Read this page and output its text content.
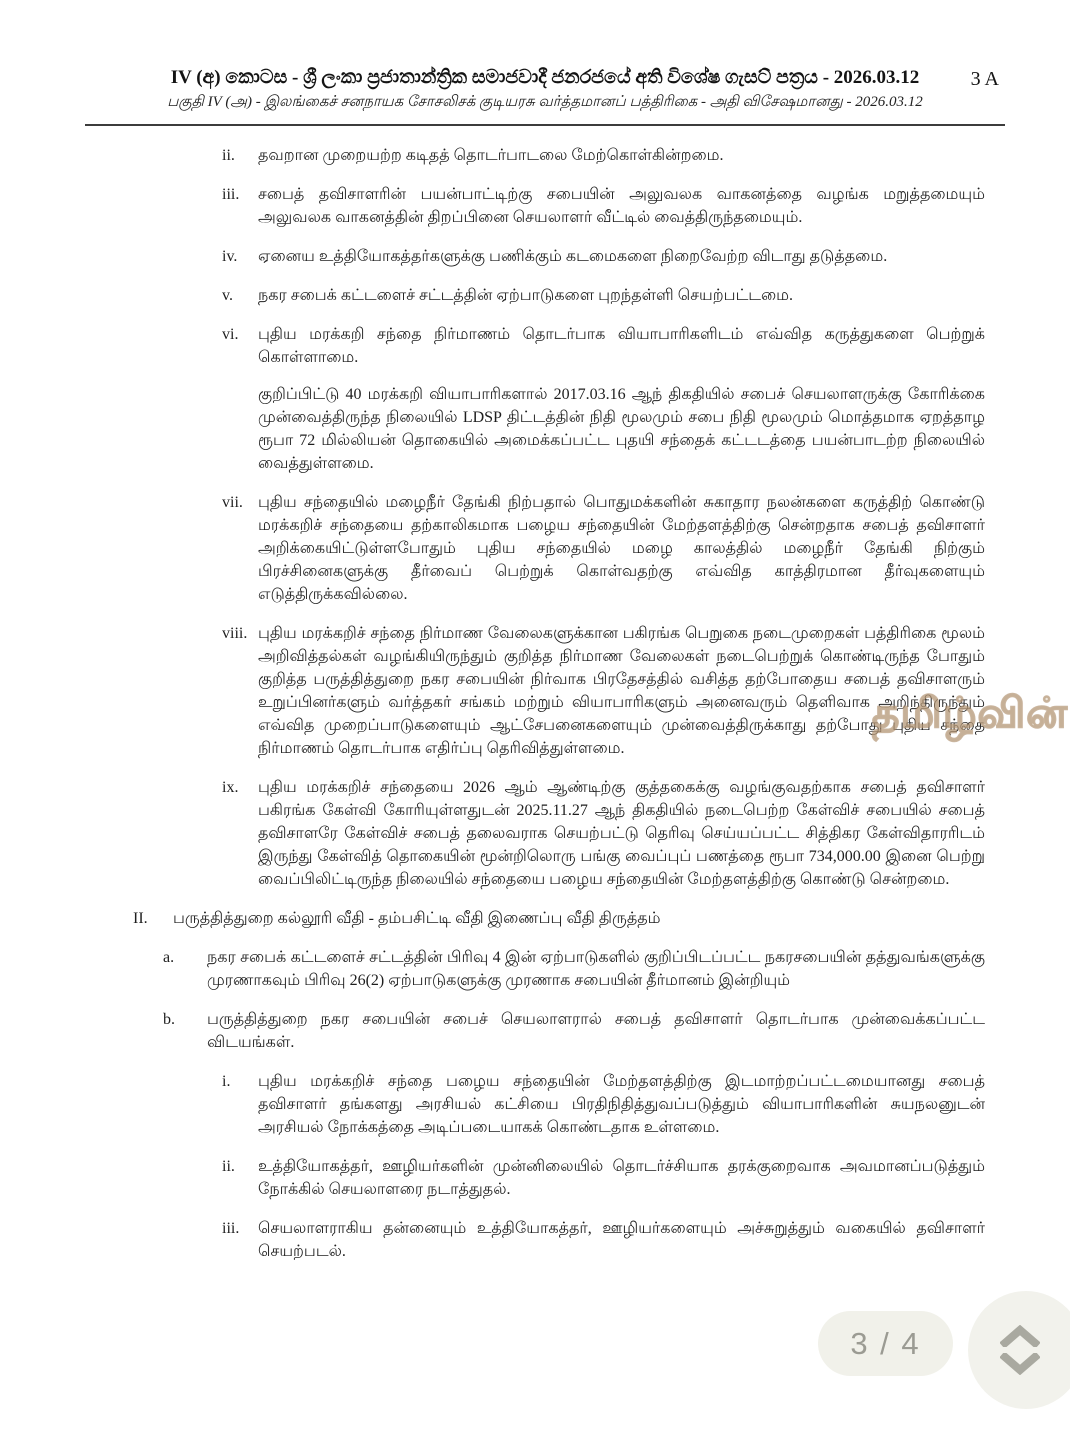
IV (අ) කොටස - ශ්‍රී ලංකා ප්‍රජාතාන්ත්‍රික සමාජවාදී ජනරජයේ අති විශේෂ ගැසට් පත්‍රය - 2026.03.12
பகுதி IV (அ) - இலங்கைச் சனநாயக சோசலிசக் குடியரசு வர்த்தமானப் பத்திரிகை - அதி விசேஷமானது - 2026.03.12
3 A
ii.	தவறான முறையற்ற கடிதத் தொடர்பாடலை மேற்கொள்கின்றமை.
iii.	சபைத் தவிசாளரின் பயன்பாட்டிற்கு சபையின் அலுவலக வாகனத்தை வழங்க மறுத்தமையும் அலுவலக வாகனத்தின் திறப்பினை செயலாளர் வீட்டில் வைத்திருந்தமையும்.
iv.	ஏனைய உத்தியோகத்தர்களுக்கு பணிக்கும் கடமைகளை நிறைவேற்ற விடாது தடுத்தமை.
v.	நகர சபைக் கட்டளைச் சட்டத்தின் ஏற்பாடுகளை புறந்தள்ளி செயற்பட்டமை.
vi.	புதிய மரக்கறி சந்தை நிர்மாணம் தொடர்பாக வியாபாரிகளிடம் எவ்வித கருத்துகளை பெற்றுக் கொள்ளாமை.
குறிப்பிட்டு 40 மரக்கறி வியாபாரிகளால் 2017.03.16 ஆந் திகதியில் சபைச் செயலாளருக்கு கோரிக்கை முன்வைத்திருந்த நிலையில் LDSP திட்டத்தின் நிதி மூலமும் சபை நிதி மூலமும் மொத்தமாக ஏறத்தாழ ரூபா 72 மில்லியன் தொகையில் அமைக்கப்பட்ட புதயி சந்தைக் கட்டடத்தை பயன்பாடற்ற நிலையில் வைத்துள்ளமை.
vii. புதிய சந்தையில் மழைநீர் தேங்கி நிற்பதால் பொதுமக்களின் சுகாதார நலன்களை கருத்திற் கொண்டு மரக்கறிச் சந்தையை தற்காலிகமாக பழைய சந்தையின் மேற்தளத்திற்கு சென்றதாக சபைத் தவிசாளர் அறிக்கையிட்டுள்ளபோதும் புதிய சந்தையில் மழை காலத்தில் மழைநீர் தேங்கி நிற்கும் பிரச்சினைகளுக்கு தீர்வைப் பெற்றுக் கொள்வதற்கு எவ்வித காத்திரமான தீர்வுகளையும் எடுத்திருக்கவில்லை.
viii. புதிய மரக்கறிச் சந்தை நிர்மாண வேலைகளுக்கான பகிரங்க பெறுகை நடைமுறைகள் பத்திரிகை மூலம் அறிவித்தல்கள் வழங்கியிருந்தும் குறித்த நிர்மாண வேலைகள் நடைபெற்றுக் கொண்டிருந்த போதும் குறித்த பருத்தித்துறை நகர சபையின் நிர்வாக பிரதேசத்தில் வசித்த தற்போதைய சபைத் தவிசாளரும் உறுப்பினர்களும் வர்த்தகர் சங்கம் மற்றும் வியாபாரிகளும் அனைவரும் தெளிவாக அறிந்திருந்தும் எவ்வித முறைப்பாடுகளையும் ஆட்சேபனைகளையும் முன்வைத்திருக்காது தற்போது புதிய சந்தை நிர்மாணம் தொடர்பாக எதிர்ப்பு தெரிவித்துள்ளமை.
ix.	புதிய மரக்கறிச் சந்தையை 2026 ஆம் ஆண்டிற்கு குத்தகைக்கு வழங்குவதற்காக சபைத் தவிசாளர் பகிரங்க கேள்வி கோரியுள்ளதுடன் 2025.11.27 ஆந் திகதியில் நடைபெற்ற கேள்விச் சபையில் சபைத் தவிசாளரே கேள்விச் சபைத் தலைவராக செயற்பட்டு தெரிவு செய்யப்பட்ட சித்திகர கேள்விதாரரிடம் இருந்து கேள்வித் தொகையின் மூன்றிலொரு பங்கு வைப்புப் பணத்தை ரூபா 734,000.00 இனை பெற்று வைப்பிலிட்டிருந்த நிலையில் சந்தையை பழைய சந்தையின் மேற்தளத்திற்கு கொண்டு சென்றமை.
II.	பருத்தித்துறை கல்லூரி வீதி - தம்பசிட்டி வீதி இணைப்பு வீதி திருத்தம்
a.	நகர சபைக் கட்டளைச் சட்டத்தின் பிரிவு 4 இன் ஏற்பாடுகளில் குறிப்பிடப்பட்ட நகரசபையின் தத்துவங்களுக்கு முரணாகவும் பிரிவு 26(2) ஏற்பாடுகளுக்கு முரணாக சபையின் தீர்மானம் இன்றியும்
b.	பருத்தித்துறை நகர சபையின் சபைச் செயலாளரால் சபைத் தவிசாளர் தொடர்பாக முன்வைக்கப்பட்ட விடயங்கள்.
i.	புதிய மரக்கறிச் சந்தை பழைய சந்தையின் மேற்தளத்திற்கு இடமாற்றப்பட்டமையானது சபைத் தவிசாளர் தங்களது அரசியல் கட்சியை பிரதிநிதித்துவப்படுத்தும் வியாபாரிகளின் சுயநலனுடன் அரசியல் நோக்கத்தை அடிப்படையாகக் கொண்டதாக உள்ளமை.
ii.	உத்தியோகத்தர், ஊழியர்களின் முன்னிலையில் தொடர்ச்சியாக தரக்குறைவாக அவமானப்படுத்தும் நோக்கில் செயலாளரை நடாத்துதல்.
iii.	செயலாளராகிய தன்னையும் உத்தியோகத்தர், ஊழியர்களையும் அச்சுறுத்தும் வகையில் தவிசாளர் செயற்படல்.
தமிழ்வின்
3 / 4
